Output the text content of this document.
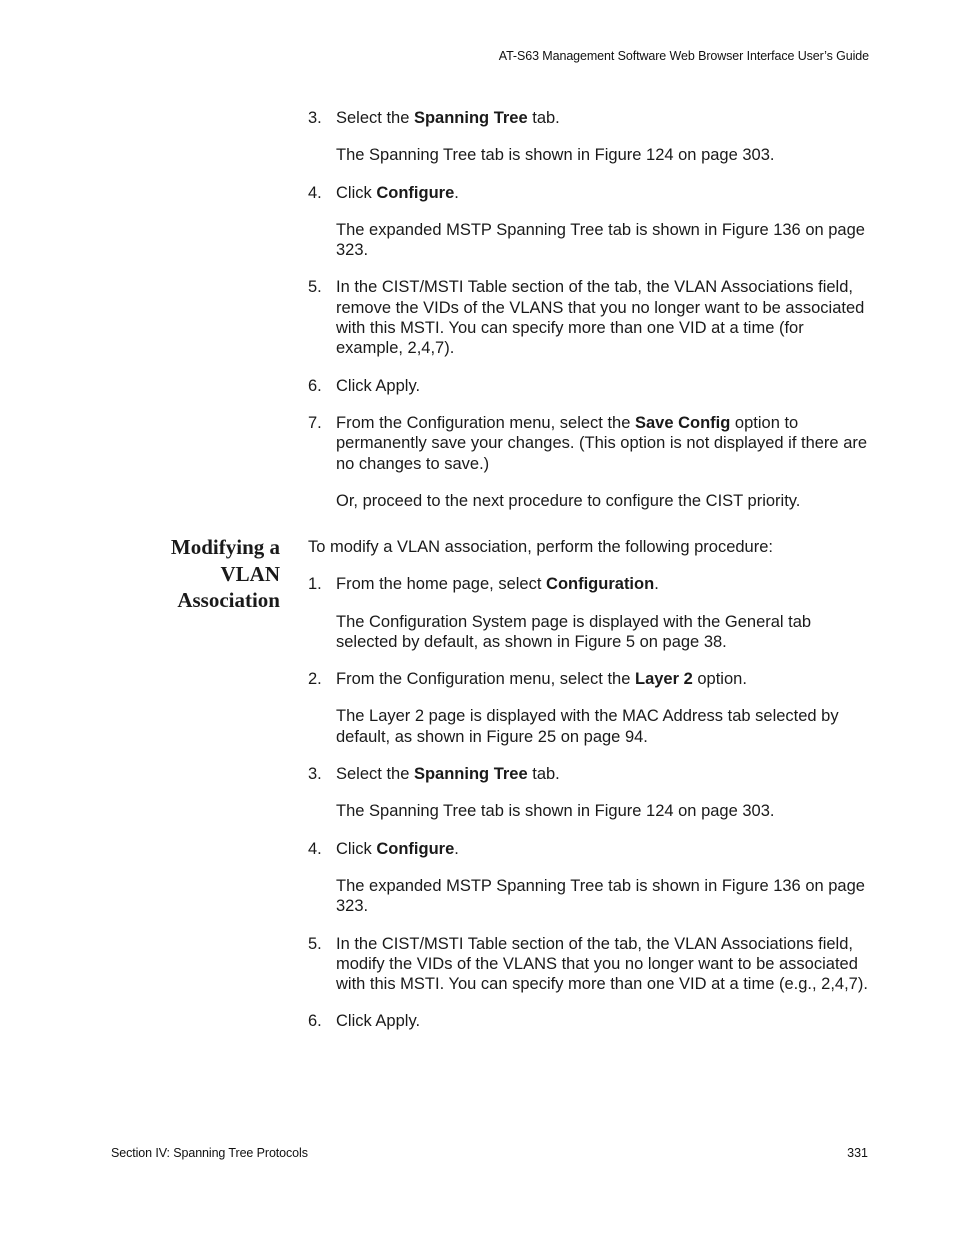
AT-S63 Management Software Web Browser Interface User’s Guide

3. Select the Spanning Tree tab.

The Spanning Tree tab is shown in Figure 124 on page 303.

4. Click Configure.

The expanded MSTP Spanning Tree tab is shown in Figure 136 on page 323.

5. In the CIST/MSTI Table section of the tab, the VLAN Associations field, remove the VIDs of the VLANS that you no longer want to be associated with this MSTI. You can specify more than one VID at a time (for example, 2,4,7).

6. Click Apply.

7. From the Configuration menu, select the Save Config option to permanently save your changes. (This option is not displayed if there are no changes to save.)

Or, proceed to the next procedure to configure the CIST priority.

Modifying a
VLAN
Association

To modify a VLAN association, perform the following procedure:

1. From the home page, select Configuration.

The Configuration System page is displayed with the General tab selected by default, as shown in Figure 5 on page 38.

2. From the Configuration menu, select the Layer 2 option.

The Layer 2 page is displayed with the MAC Address tab selected by default, as shown in Figure 25 on page 94.

3. Select the Spanning Tree tab.

The Spanning Tree tab is shown in Figure 124 on page 303.

4. Click Configure.

The expanded MSTP Spanning Tree tab is shown in Figure 136 on page 323.

5. In the CIST/MSTI Table section of the tab, the VLAN Associations field, modify the VIDs of the VLANS that you no longer want to be associated with this MSTI. You can specify more than one VID at a time (e.g., 2,4,7).

6. Click Apply.

Section IV: Spanning Tree Protocols	331
